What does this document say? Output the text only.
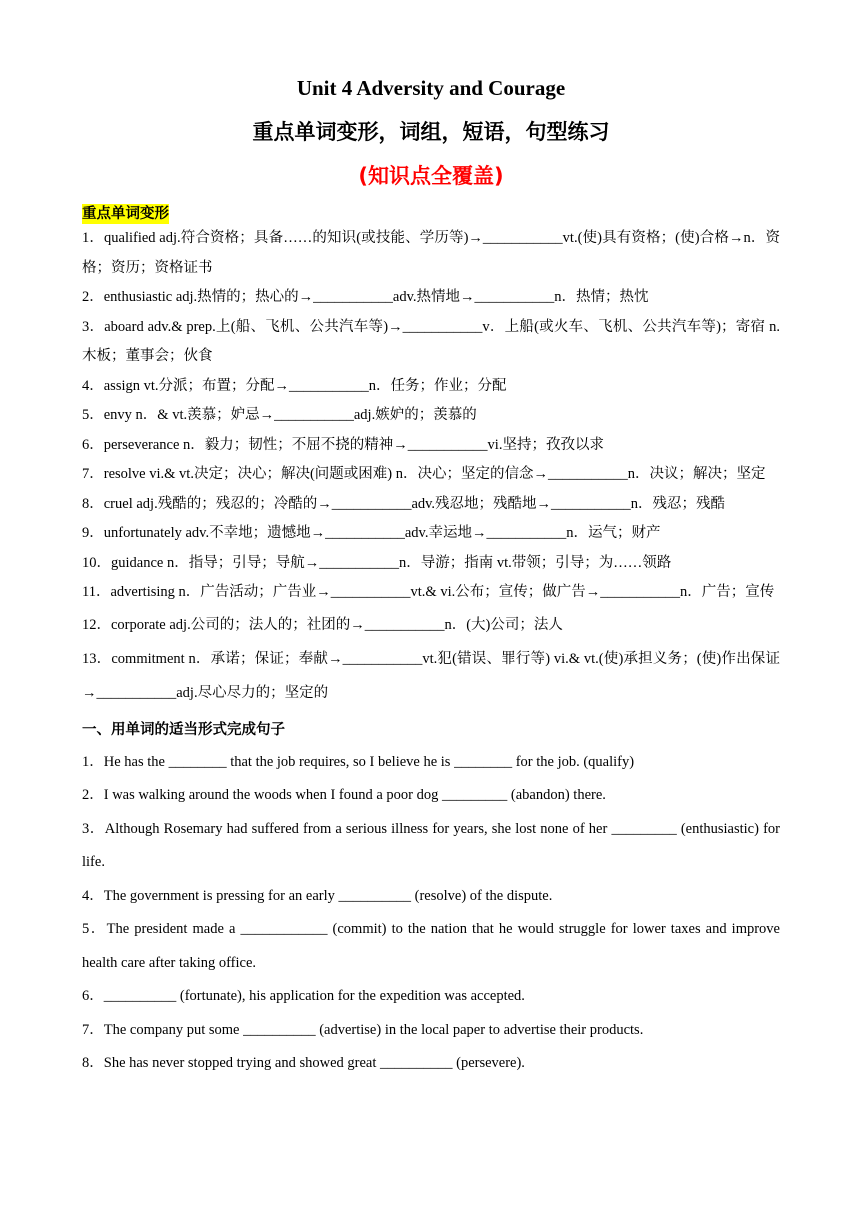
Unit 4 Adversity and Courage
重点单词变形，词组，短语，句型练习
(知识点全覆盖)
重点单词变形
1．qualified adj.符合资格；具备……的知识(或技能、学历等)→___________vt.(使)具有资格；(使)合格→n．资格；资历；资格证书
2．enthusiastic adj.热情的；热心的→___________adv.热情地→___________n．热情；热忱
3．aboard adv.& prep.上(船、飞机、公共汽车等)→___________v．上船(或火车、飞机、公共汽车等)；寄宿 n.木板；董事会；伙食
4．assign vt.分派；布置；分配→___________n．任务；作业；分配
5．envy n．& vt.羡慕；妒忌→___________adj.嫉妒的；羡慕的
6．perseverance n．毅力；韧性；不屈不挠的精神→___________vi.坚持；孜孜以求
7．resolve vi.& vt.决定；决心；解决(问题或困难) n．决心；坚定的信念→___________n．决议；解决；坚定
8．cruel adj.残酷的；残忍的；冷酷的→___________adv.残忍地；残酷地→___________n．残忍；残酷
9．unfortunately adv.不幸地；遗憾地→___________adv.幸运地→___________n．运气；财产
10．guidance n．指导；引导；导航→___________n．导游；指南 vt.带领；引导；为……领路
11．advertising n．广告活动；广告业→___________vt.& vi.公布；宣传；做广告→___________n．广告；宣传
12．corporate adj.公司的；法人的；社团的→___________n．(大)公司；法人
13．commitment n．承诺；保证；奉献→___________vt.犯(错误、罪行等) vi.& vt.(使)承担义务；(使)作出保证→___________adj.尽心尽力的；坚定的
一、用单词的适当形式完成句子
1．He has the ________ that the job requires, so I believe he is ________ for the job. (qualify)
2．I was walking around the woods when I found a poor dog _________ (abandon) there.
3．Although Rosemary had suffered from a serious illness for years, she lost none of her _________ (enthusiastic) for life.
4．The government is pressing for an early __________ (resolve) of the dispute.
5．The president made a ____________ (commit) to the nation that he would struggle for lower taxes and improve health care after taking office.
6．__________ (fortunate), his application for the expedition was accepted.
7．The company put some __________ (advertise) in the local paper to advertise their products.
8．She has never stopped trying and showed great __________ (persevere).
